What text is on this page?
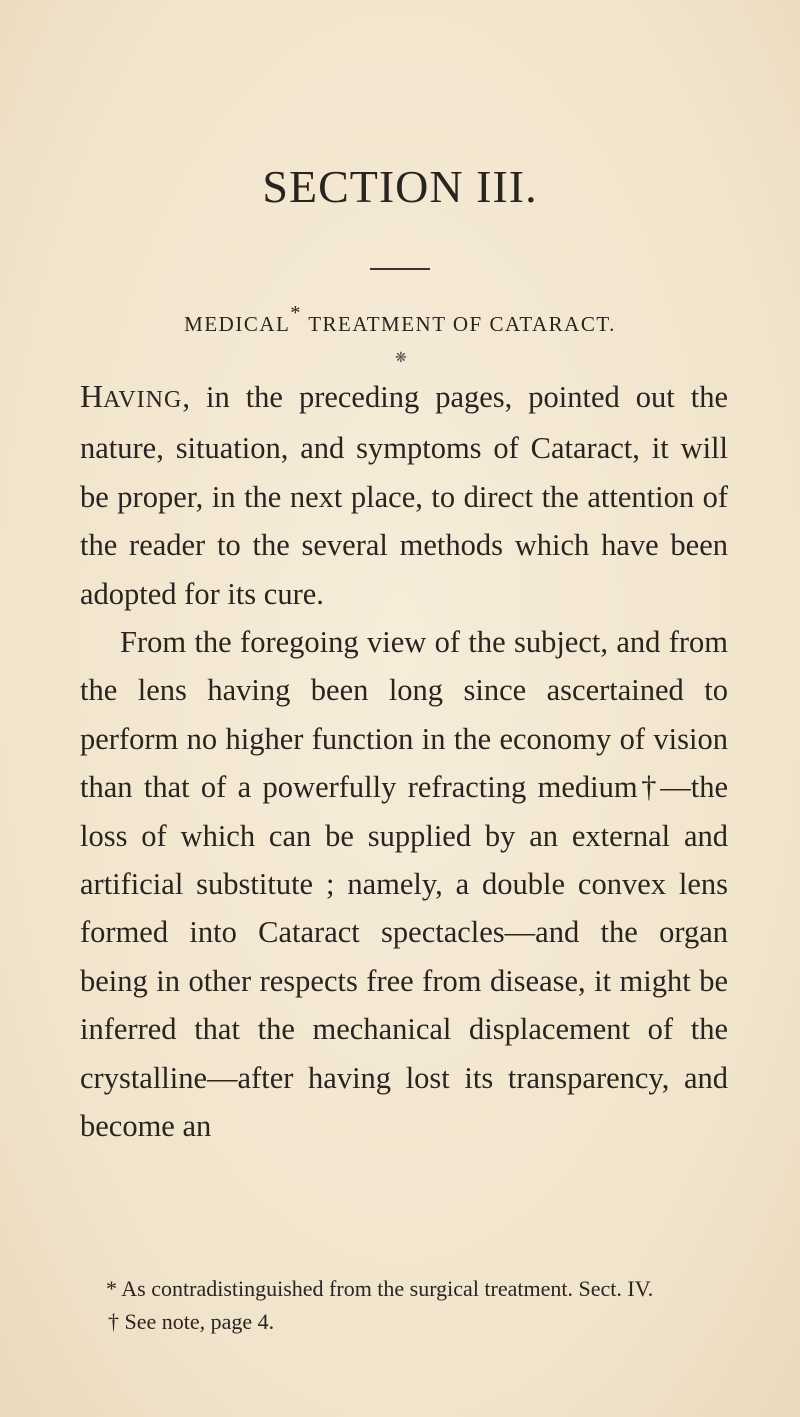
SECTION III.
MEDICAL* TREATMENT OF CATARACT.
❋

HAVING, in the preceding pages, pointed out the nature, situation, and symptoms of Cataract, it will be proper, in the next place, to direct the attention of the reader to the several methods which have been adopted for its cure.

From the foregoing view of the subject, and from the lens having been long since ascertained to perform no higher function in the economy of vision than that of a powerfully refracting medium†—the loss of which can be supplied by an external and artificial substitute ; namely, a double convex lens formed into Cataract spectacles—and the organ being in other respects free from disease, it might be inferred that the mechanical displacement of the crystalline—after having lost its transparency, and become an

* As contradistinguished from the surgical treatment. Sect. IV.

† See note, page 4.
